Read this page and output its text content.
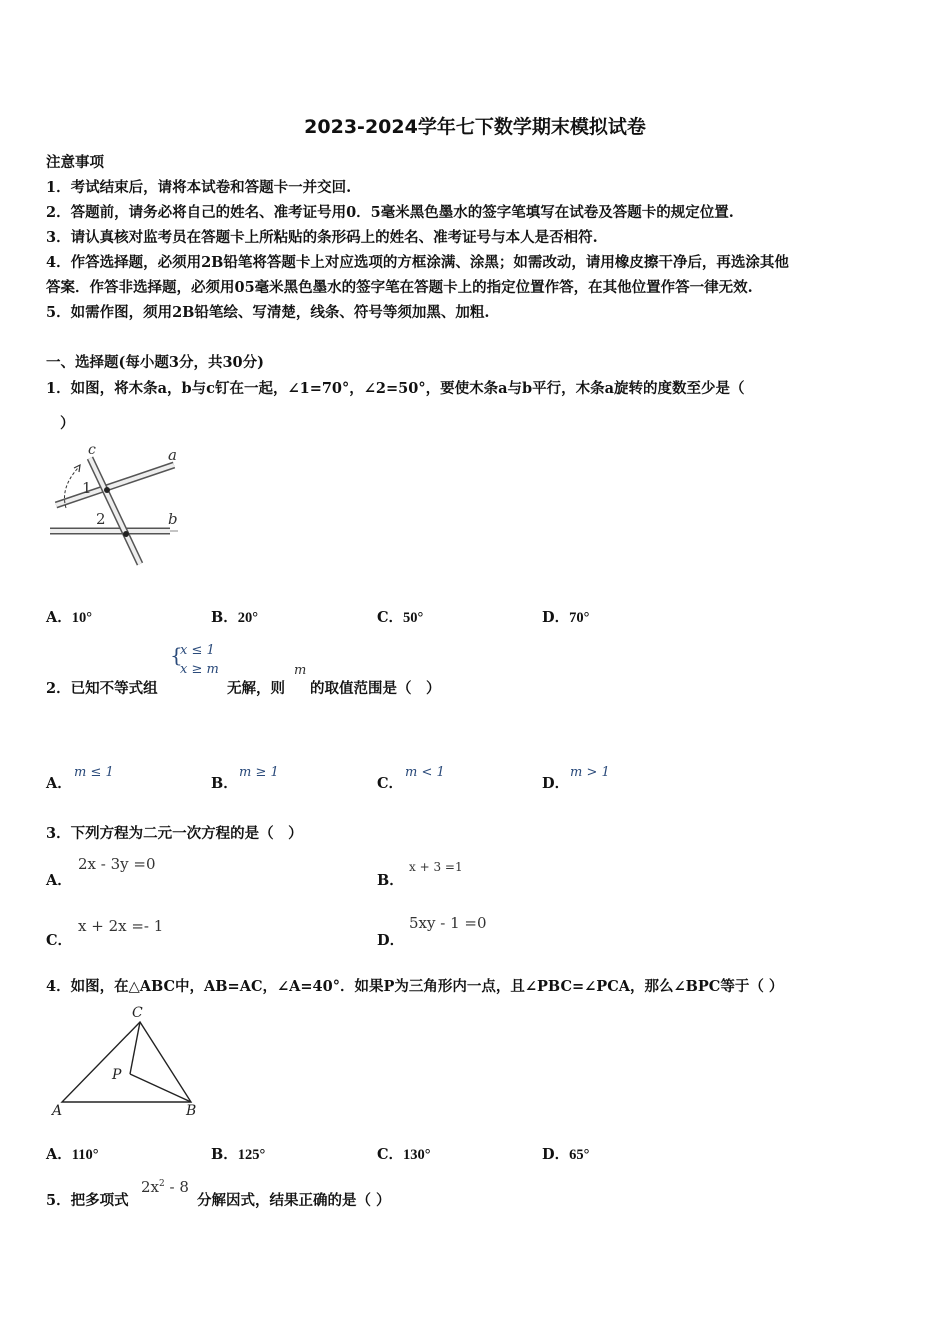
2023-2024学年七下数学期末模拟试卷
注意事项
1．考试结束后，请将本试卷和答题卡一并交回.
2．答题前，请务必将自己的姓名、准考证号用0．5毫米黑色墨水的签字笔填写在试卷及答题卡的规定位置.
3．请认真核对监考员在答题卡上所粘贴的条形码上的姓名、准考证号与本人是否相符.
4．作答选择题，必须用2B铅笔将答题卡上对应选项的方框涂满、涂黑；如需改动，请用橡皮擦干净后，再选涂其他
答案．作答非选择题，必须用05毫米黑色墨水的签字笔在答题卡上的指定位置作答，在其他位置作答一律无效.
5．如需作图，须用2B铅笔绘、写清楚，线条、符号等须加黑、加粗.
一、选择题(每小题3分，共30分)
1．如图，将木条a，b与c钉在一起，∠1=70°，∠2=50°，要使木条a与b平行，木条a旋转的度数至少是（
）
c	a
1
2	b
A．10°	B．20°	C．50°	D．70°
2．已知不等式组
{
x ≤ 1
x ≥ m
无解，则
m
的取值范围是（　）
A．
m ≤ 1
B．
m ≥ 1
C．
m < 1
D．
m > 1
3．下列方程为二元一次方程的是（　）
A．
2x - 3y =0
B．
x + 3 =1
C．
x + 2x =- 1
D．
5xy - 1 =0
4．如图，在△ABC中，AB=AC，∠A=40°．如果P为三角形内一点，且∠PBC=∠PCA，那么∠BPC等于（ ）
C
P
A	B
A．110°	B．125°	C．130°	D．65°
5．把多项式
$2x^2 - 8$
分解因式，结果正确的是（ ）
